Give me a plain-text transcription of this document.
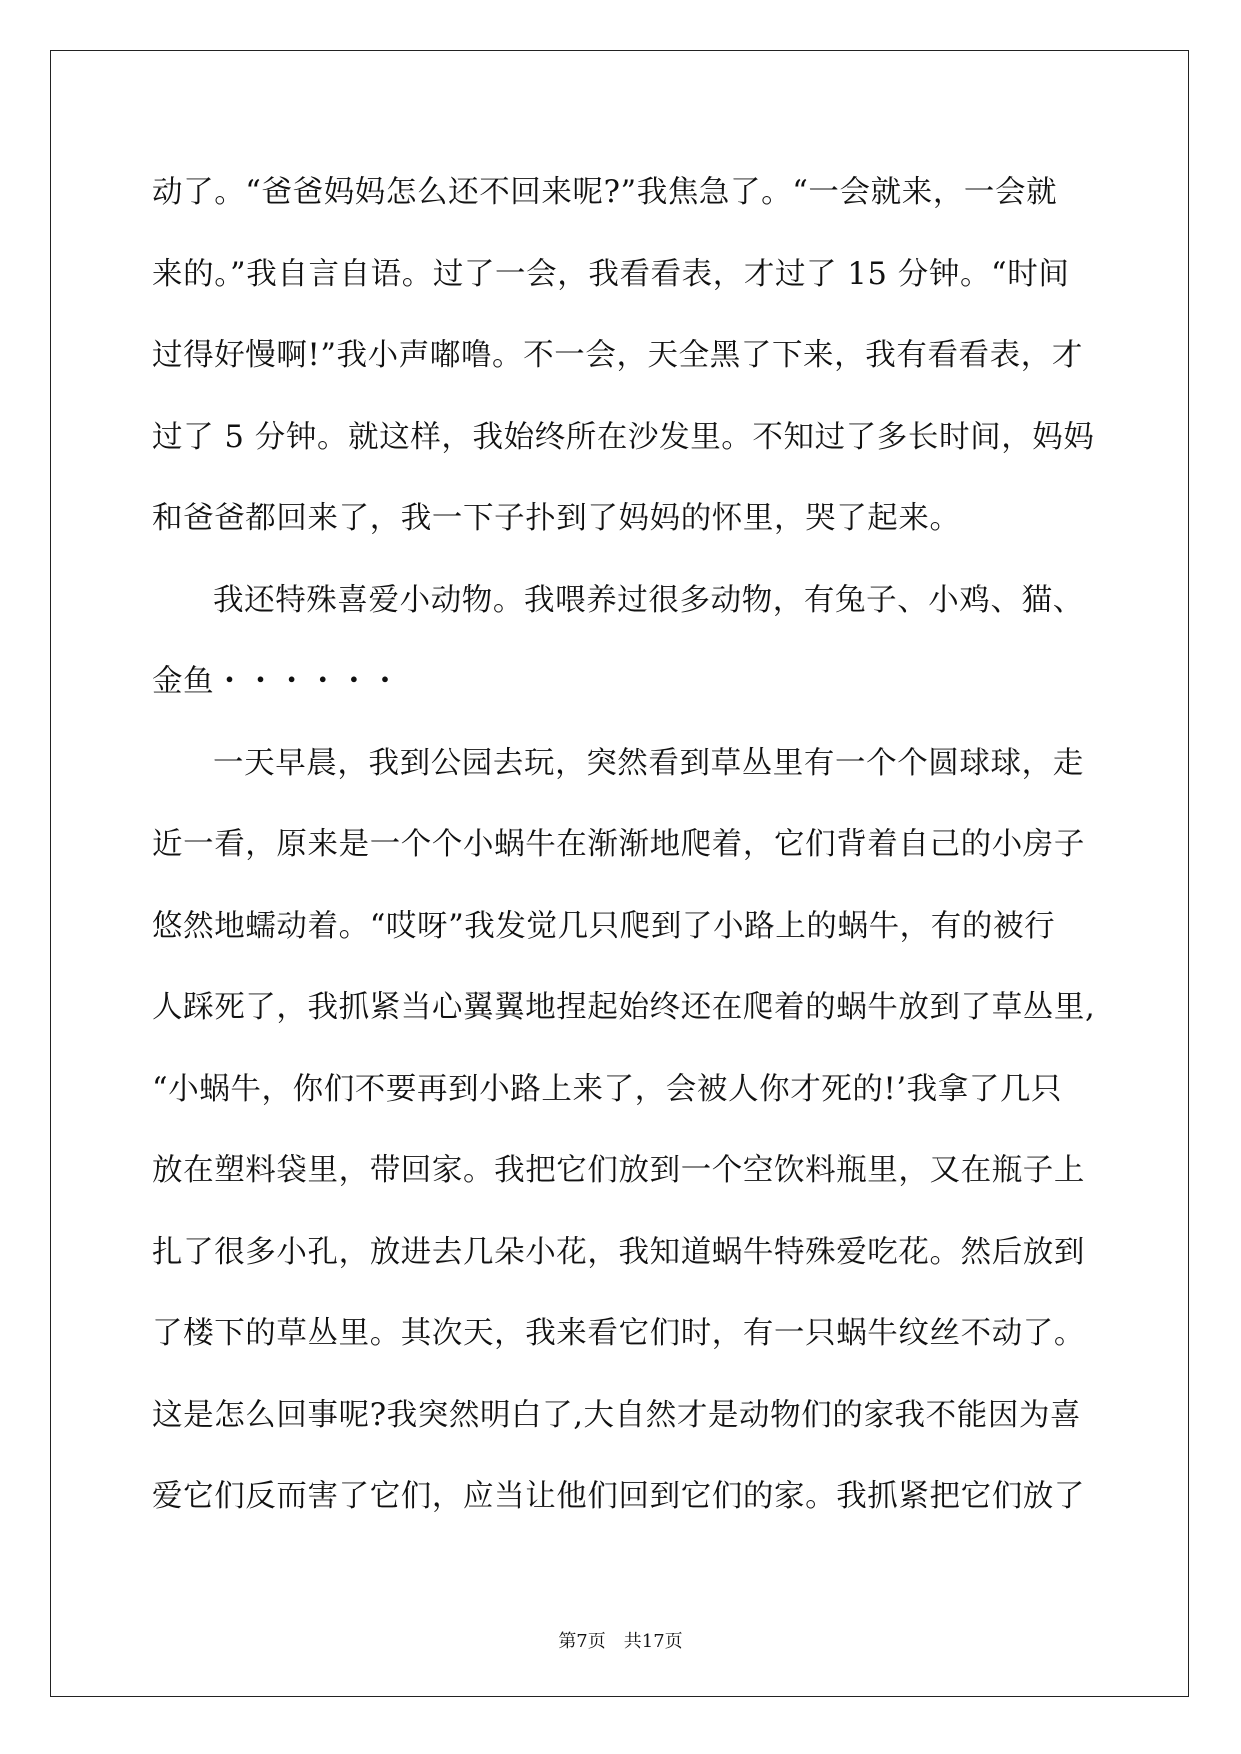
动了。“爸爸妈妈怎么还不回来呢?”我焦急了。“一会就来，一会就
来的。”我自言自语。过了一会，我看看表，才过了 15 分钟。“时间
过得好慢啊!”我小声嘟噜。不一会，天全黑了下来，我有看看表，才
过了 5 分钟。就这样，我始终所在沙发里。不知过了多长时间，妈妈
和爸爸都回来了，我一下子扑到了妈妈的怀里，哭了起来。
我还特殊喜爱小动物。我喂养过很多动物，有兔子、小鸡、猫、
金鱼・・・・・・
一天早晨，我到公园去玩，突然看到草丛里有一个个圆球球，走
近一看，原来是一个个小蜗牛在渐渐地爬着，它们背着自己的小房子
悠然地蠕动着。“哎呀”我发觉几只爬到了小路上的蜗牛，有的被行
人踩死了，我抓紧当心翼翼地捏起始终还在爬着的蜗牛放到了草丛里,
“小蜗牛，你们不要再到小路上来了，会被人你才死的!’我拿了几只
放在塑料袋里，带回家。我把它们放到一个空饮料瓶里，又在瓶子上
扎了很多小孔，放进去几朵小花，我知道蜗牛特殊爱吃花。然后放到
了楼下的草丛里。其次天，我来看它们时，有一只蜗牛纹丝不动了。
这是怎么回事呢?我突然明白了,大自然才是动物们的家我不能因为喜
爱它们反而害了它们，应当让他们回到它们的家。我抓紧把它们放了
第7页 共17页
